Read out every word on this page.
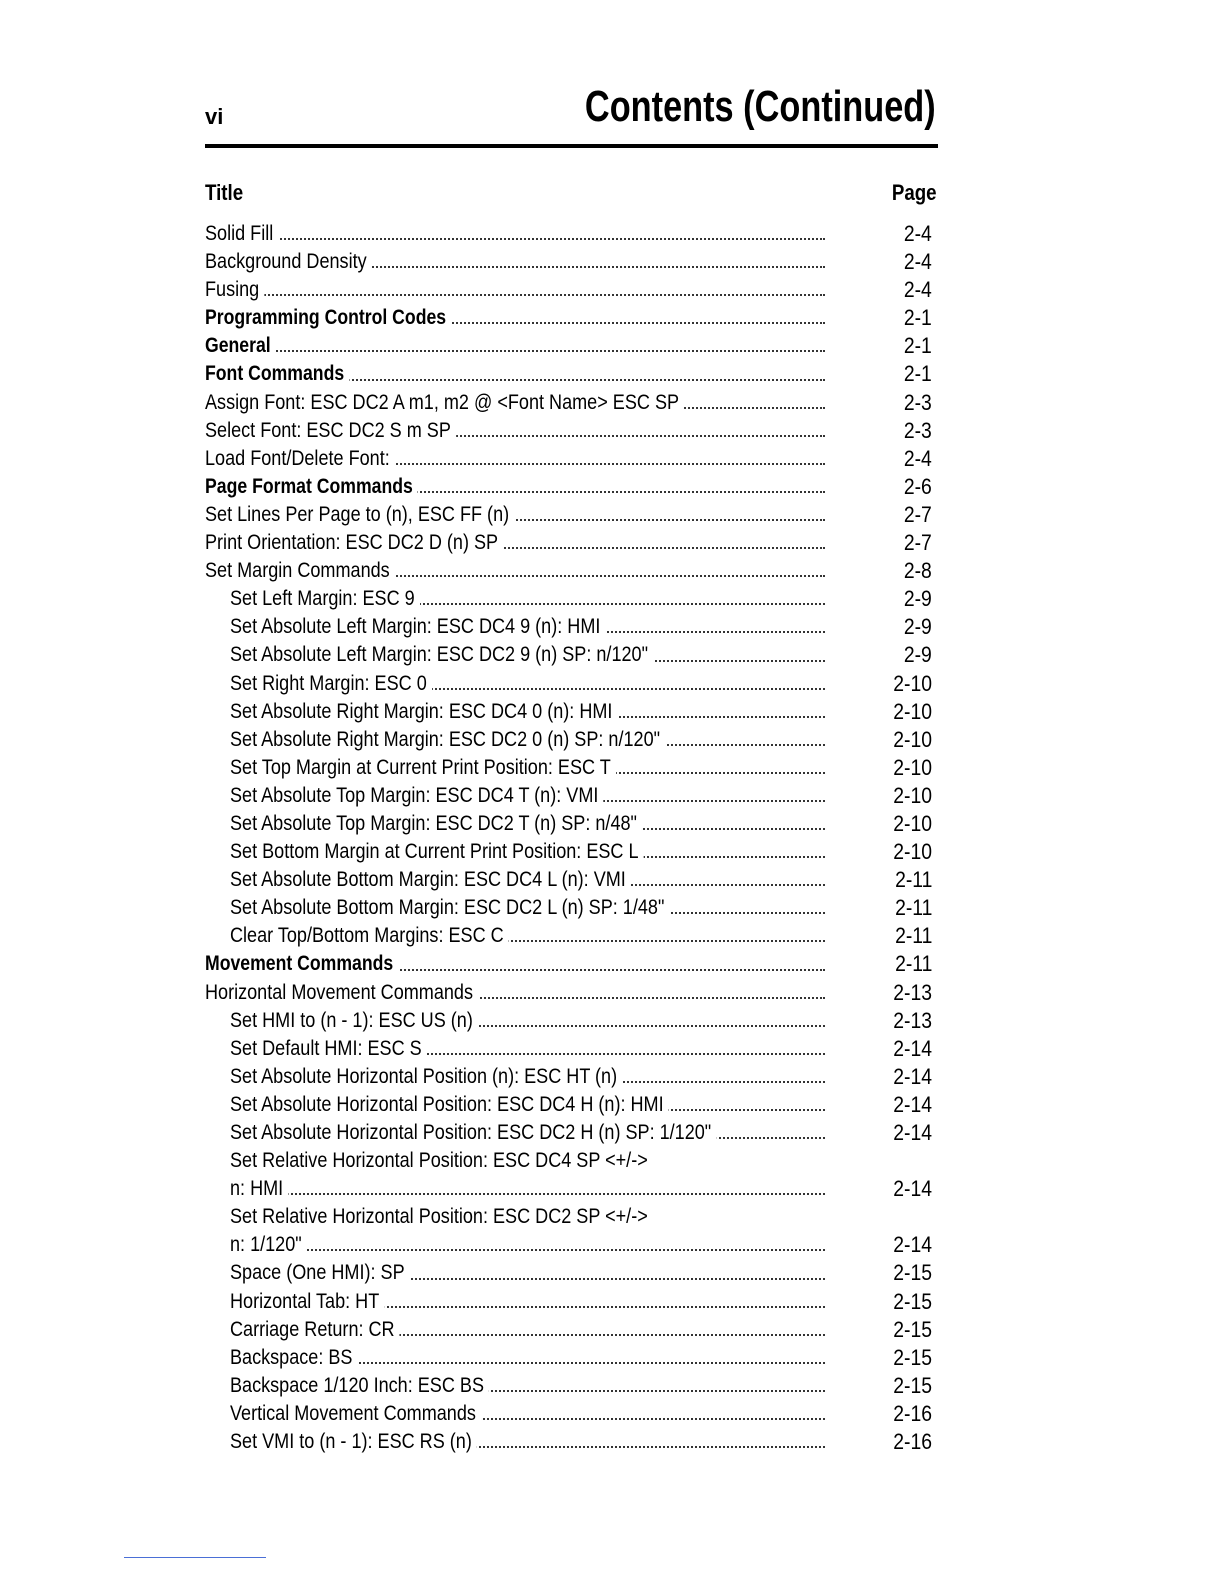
vi	Contents (Continued)
Title	Page
Solid Fill	2-4
Background Density	2-4
Fusing	2-4
Programming Control Codes	2-1
General	2-1
Font Commands	2-1
Assign Font: ESC DC2 A m1, m2 @ <Font Name> ESC SP	2-3
Select Font: ESC DC2 S m SP	2-3
Load Font/Delete Font:	2-4
Page Format Commands	2-6
Set Lines Per Page to (n), ESC FF (n)	2-7
Print Orientation: ESC DC2 D (n) SP	2-7
Set Margin Commands	2-8
Set Left Margin: ESC 9	2-9
Set Absolute Left Margin: ESC DC4 9 (n): HMI	2-9
Set Absolute Left Margin: ESC DC2 9 (n) SP: n/120"	2-9
Set Right Margin: ESC 0	2-10
Set Absolute Right Margin: ESC DC4 0 (n): HMI	2-10
Set Absolute Right Margin: ESC DC2 0 (n) SP: n/120"	2-10
Set Top Margin at Current Print Position: ESC T	2-10
Set Absolute Top Margin: ESC DC4 T (n): VMI	2-10
Set Absolute Top Margin: ESC DC2 T (n) SP: n/48"	2-10
Set Bottom Margin at Current Print Position: ESC L	2-10
Set Absolute Bottom Margin: ESC DC4 L (n): VMI	2-11
Set Absolute Bottom Margin: ESC DC2 L (n) SP: 1/48"	2-11
Clear Top/Bottom Margins: ESC C	2-11
Movement Commands	2-11
Horizontal Movement Commands	2-13
Set HMI to (n - 1): ESC US (n)	2-13
Set Default HMI: ESC S	2-14
Set Absolute Horizontal Position (n): ESC HT (n)	2-14
Set Absolute Horizontal Position: ESC DC4 H (n): HMI	2-14
Set Absolute Horizontal Position: ESC DC2 H (n) SP: 1/120"	2-14
Set Relative Horizontal Position: ESC DC4 SP <+/->
n: HMI	2-14
Set Relative Horizontal Position: ESC DC2 SP <+/->
n: 1/120"	2-14
Space (One HMI): SP	2-15
Horizontal Tab: HT	2-15
Carriage Return: CR	2-15
Backspace: BS	2-15
Backspace 1/120 Inch: ESC BS	2-15
Vertical Movement Commands	2-16
Set VMI to (n - 1): ESC RS (n)	2-16
